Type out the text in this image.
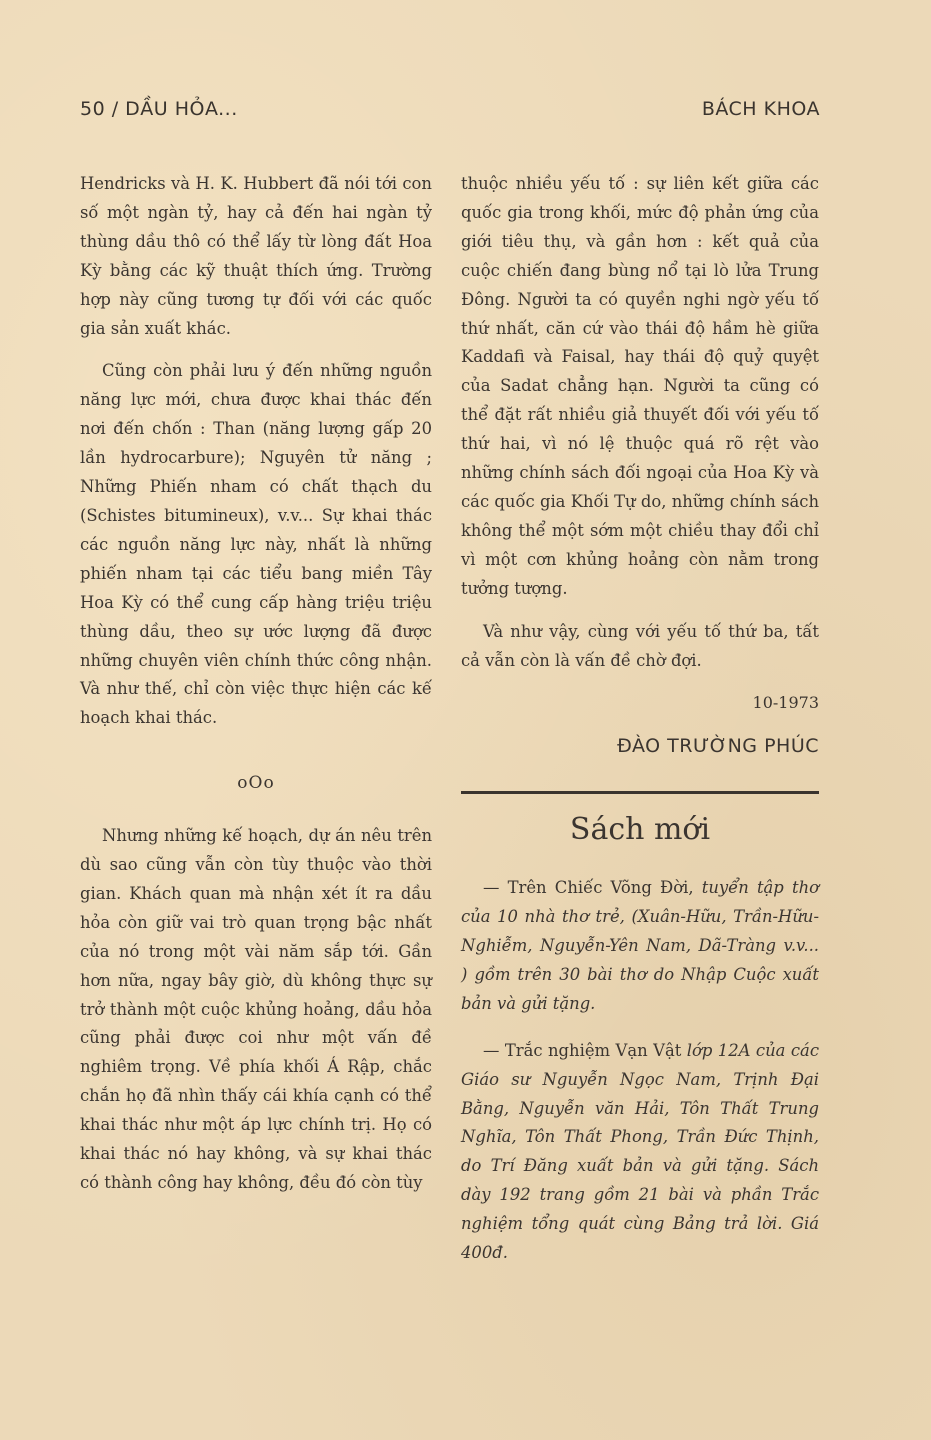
50 / DẦU HỎA...	BÁCH KHOA

Hendricks và H. K. Hubbert đã nói tới con số một ngàn tỷ, hay cả đến hai ngàn tỷ thùng dầu thô có thể lấy từ lòng đất Hoa Kỳ bằng các kỹ thuật thích ứng. Trường hợp này cũng tương tự đối với các quốc gia sản xuất khác.

Cũng còn phải lưu ý đến những nguồn năng lực mới, chưa được khai thác đến nơi đến chốn : Than (năng lượng gấp 20 lần hydrocarbure); Nguyên tử năng ; Những Phiến nham có chất thạch du (Schistes bitumineux), v.v... Sự khai thác các nguồn năng lực này, nhất là những phiến nham tại các tiểu bang miền Tây Hoa Kỳ có thể cung cấp hàng triệu triệu thùng dầu, theo sự ước lượng đã được những chuyên viên chính thức công nhận. Và như thế, chỉ còn việc thực hiện các kế hoạch khai thác.

oOo

Nhưng những kế hoạch, dự án nêu trên dù sao cũng vẫn còn tùy thuộc vào thời gian. Khách quan mà nhận xét ít ra dầu hỏa còn giữ vai trò quan trọng bậc nhất của nó trong một vài năm sắp tới. Gần hơn nữa, ngay bây giờ, dù không thực sự trở thành một cuộc khủng hoảng, dầu hỏa cũng phải được coi như một vấn đề nghiêm trọng. Về phía khối Á Rập, chắc chắn họ đã nhìn thấy cái khía cạnh có thể khai thác như một áp lực chính trị. Họ có khai thác nó hay không, và sự khai thác có thành công hay không, đều đó còn tùy

thuộc nhiều yếu tố : sự liên kết giữa các quốc gia trong khối, mức độ phản ứng của giới tiêu thụ, và gần hơn : kết quả của cuộc chiến đang bùng nổ tại lò lửa Trung Đông. Người ta có quyền nghi ngờ yếu tố thứ nhất, căn cứ vào thái độ hầm hè giữa Kaddafi và Faisal, hay thái độ quỷ quyệt của Sadat chẳng hạn. Người ta cũng có thể đặt rất nhiều giả thuyết đối với yếu tố thứ hai, vì nó lệ thuộc quá rõ rệt vào những chính sách đối ngoại của Hoa Kỳ và các quốc gia Khối Tự do, những chính sách không thể một sớm một chiều thay đổi chỉ vì một cơn khủng hoảng còn nằm trong tưởng tượng.

Và như vậy, cùng với yếu tố thứ ba, tất cả vẫn còn là vấn đề chờ đợi.

10-1973
ĐÀO TRƯỜNG PHÚC
Sách mới

— Trên Chiếc Võng Đời, tuyển tập thơ của 10 nhà thơ trẻ, (Xuân-Hữu, Trần-Hữu-Nghiễm, Nguyễn-Yên Nam, Dã-Tràng v.v... ) gồm trên 30 bài thơ do Nhập Cuộc xuất bản và gửi tặng.

— Trắc nghiệm Vạn Vật lớp 12A của các Giáo sư Nguyễn Ngọc Nam, Trịnh Đại Bằng, Nguyễn văn Hải, Tôn Thất Trung Nghĩa, Tôn Thất Phong, Trần Đức Thịnh, do Trí Đăng xuất bản và gửi tặng. Sách dày 192 trang gồm 21 bài và phần Trắc nghiệm tổng quát cùng Bảng trả lời. Giá 400đ.
